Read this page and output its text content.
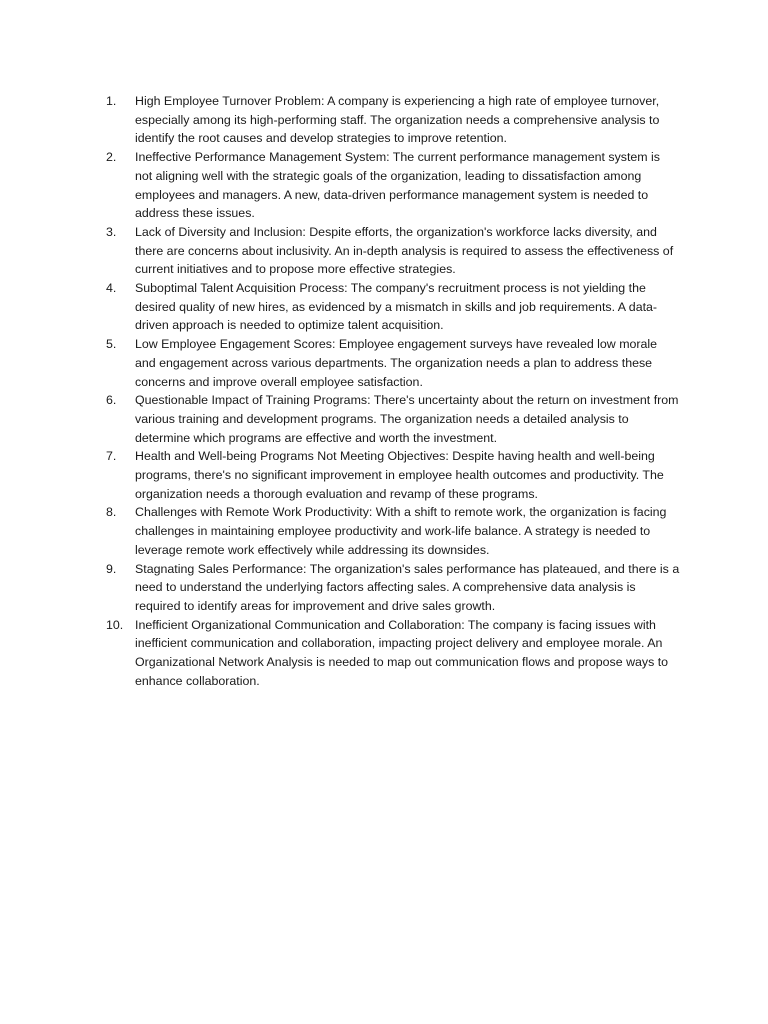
1.	High Employee Turnover Problem: A company is experiencing a high rate of employee turnover, especially among its high-performing staff. The organization needs a comprehensive analysis to identify the root causes and develop strategies to improve retention.
2.	Ineffective Performance Management System: The current performance management system is not aligning well with the strategic goals of the organization, leading to dissatisfaction among employees and managers. A new, data-driven performance management system is needed to address these issues.
3.	Lack of Diversity and Inclusion: Despite efforts, the organization's workforce lacks diversity, and there are concerns about inclusivity. An in-depth analysis is required to assess the effectiveness of current initiatives and to propose more effective strategies.
4.	Suboptimal Talent Acquisition Process: The company's recruitment process is not yielding the desired quality of new hires, as evidenced by a mismatch in skills and job requirements. A data-driven approach is needed to optimize talent acquisition.
5.	Low Employee Engagement Scores: Employee engagement surveys have revealed low morale and engagement across various departments. The organization needs a plan to address these concerns and improve overall employee satisfaction.
6.	Questionable Impact of Training Programs: There's uncertainty about the return on investment from various training and development programs. The organization needs a detailed analysis to determine which programs are effective and worth the investment.
7.	Health and Well-being Programs Not Meeting Objectives: Despite having health and well-being programs, there's no significant improvement in employee health outcomes and productivity. The organization needs a thorough evaluation and revamp of these programs.
8.	Challenges with Remote Work Productivity: With a shift to remote work, the organization is facing challenges in maintaining employee productivity and work-life balance. A strategy is needed to leverage remote work effectively while addressing its downsides.
9.	Stagnating Sales Performance: The organization's sales performance has plateaued, and there is a need to understand the underlying factors affecting sales. A comprehensive data analysis is required to identify areas for improvement and drive sales growth.
10. Inefficient Organizational Communication and Collaboration: The company is facing issues with inefficient communication and collaboration, impacting project delivery and employee morale. An Organizational Network Analysis is needed to map out communication flows and propose ways to enhance collaboration.
